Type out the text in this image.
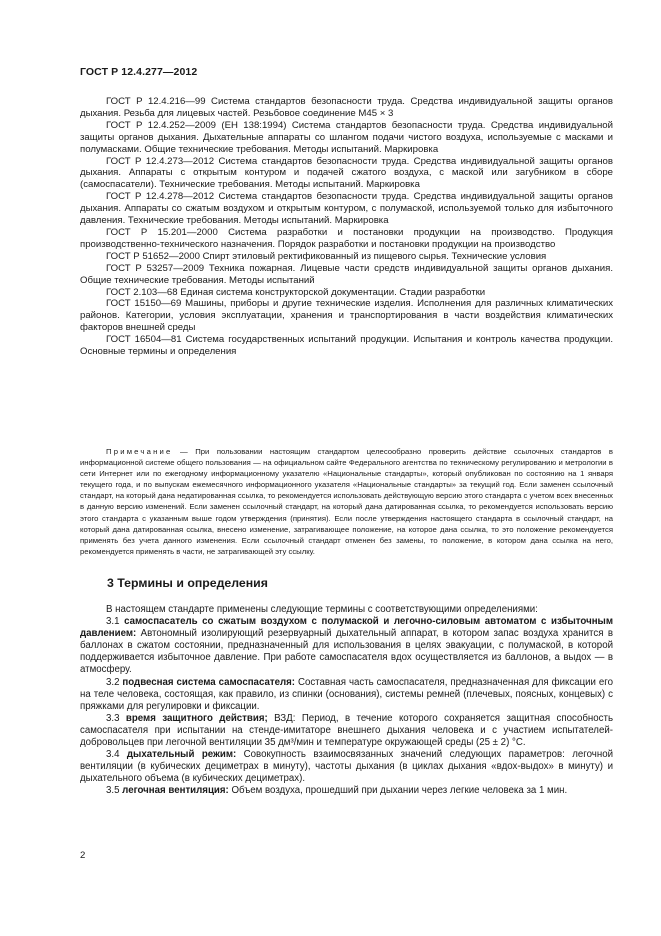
ГОСТ Р 12.4.277—2012

ГОСТ Р 12.4.216—99 Система стандартов безопасности труда. Средства индивидуальной защиты органов дыхания. Резьба для лицевых частей. Резьбовое соединение М45 × 3

ГОСТ Р 12.4.252—2009 (ЕН 138:1994) Система стандартов безопасности труда. Средства индивидуальной защиты органов дыхания. Дыхательные аппараты со шлангом подачи чистого воздуха, используемые с масками и полумасками. Общие технические требования. Методы испытаний. Маркировка

ГОСТ Р 12.4.273—2012 Система стандартов безопасности труда. Средства индивидуальной защиты органов дыхания. Аппараты с открытым контуром и подачей сжатого воздуха, с маской или загубником в сборе (самоспасатели). Технические требования. Методы испытаний. Маркировка

ГОСТ Р 12.4.278—2012 Система стандартов безопасности труда. Средства индивидуальной защиты органов дыхания. Аппараты со сжатым воздухом и открытым контуром, с полумаской, используемой только для избыточного давления. Технические требования. Методы испытаний. Маркировка

ГОСТ Р 15.201—2000 Система разработки и постановки продукции на производство. Продукция производственно-технического назначения. Порядок разработки и постановки продукции на производство

ГОСТ Р 51652—2000 Спирт этиловый ректификованный из пищевого сырья. Технические условия

ГОСТ Р 53257—2009 Техника пожарная. Лицевые части средств индивидуальной защиты органов дыхания. Общие технические требования. Методы испытаний

ГОСТ 2.103—68 Единая система конструкторской документации. Стадии разработки

ГОСТ 15150—69 Машины, приборы и другие технические изделия. Исполнения для различных климатических районов. Категории, условия эксплуатации, хранения и транспортирования в части воздействия климатических факторов внешней среды

ГОСТ 16504—81 Система государственных испытаний продукции. Испытания и контроль качества продукции. Основные термины и определения

Примечание — При пользовании настоящим стандартом целесообразно проверить действие ссылочных стандартов в информационной системе общего пользования — на официальном сайте Федерального агентства по техническому регулированию и метрологии в сети Интернет или по ежегодному информационному указателю «Национальные стандарты», который опубликован по состоянию на 1 января текущего года, и по выпускам ежемесячного информационного указателя «Национальные стандарты» за текущий год. Если заменен ссылочный стандарт, на который дана недатированная ссылка, то рекомендуется использовать действующую версию этого стандарта с учетом всех внесенных в данную версию изменений. Если заменен ссылочный стандарт, на который дана датированная ссылка, то рекомендуется использовать версию этого стандарта с указанным выше годом утверждения (принятия). Если после утверждения настоящего стандарта в ссылочный стандарт, на который дана датированная ссылка, внесено изменение, затрагивающее положение, на которое дана ссылка, то это положение рекомендуется применять без учета данного изменения. Если ссылочный стандарт отменен без замены, то положение, в котором дана ссылка на него, рекомендуется применять в части, не затрагивающей эту ссылку.

3 Термины и определения

В настоящем стандарте применены следующие термины с соответствующими определениями:

3.1 самоспасатель со сжатым воздухом с полумаской и легочно-силовым автоматом с избыточным давлением: Автономный изолирующий резервуарный дыхательный аппарат, в котором запас воздуха хранится в баллонах в сжатом состоянии, предназначенный для использования в целях эвакуации, с полумаской, в которой поддерживается избыточное давление. При работе самоспасателя вдох осуществляется из баллонов, а выдох — в атмосферу.

3.2 подвесная система самоспасателя: Составная часть самоспасателя, предназначенная для фиксации его на теле человека, состоящая, как правило, из спинки (основания), системы ремней (плечевых, поясных, концевых) с пряжками для регулировки и фиксации.

3.3 время защитного действия; ВЗД: Период, в течение которого сохраняется защитная способность самоспасателя при испытании на стенде-имитаторе внешнего дыхания человека и с участием испытателей-добровольцев при легочной вентиляции 35 дм³/мин и температуре окружающей среды (25 ± 2) °С.

3.4 дыхательный режим: Совокупность взаимосвязанных значений следующих параметров: легочной вентиляции (в кубических дециметрах в минуту), частоты дыхания (в циклах дыхания «вдох-выдох» в минуту) и дыхательного объема (в кубических дециметрах).

3.5 легочная вентиляция: Объем воздуха, прошедший при дыхании через легкие человека за 1 мин.

2
